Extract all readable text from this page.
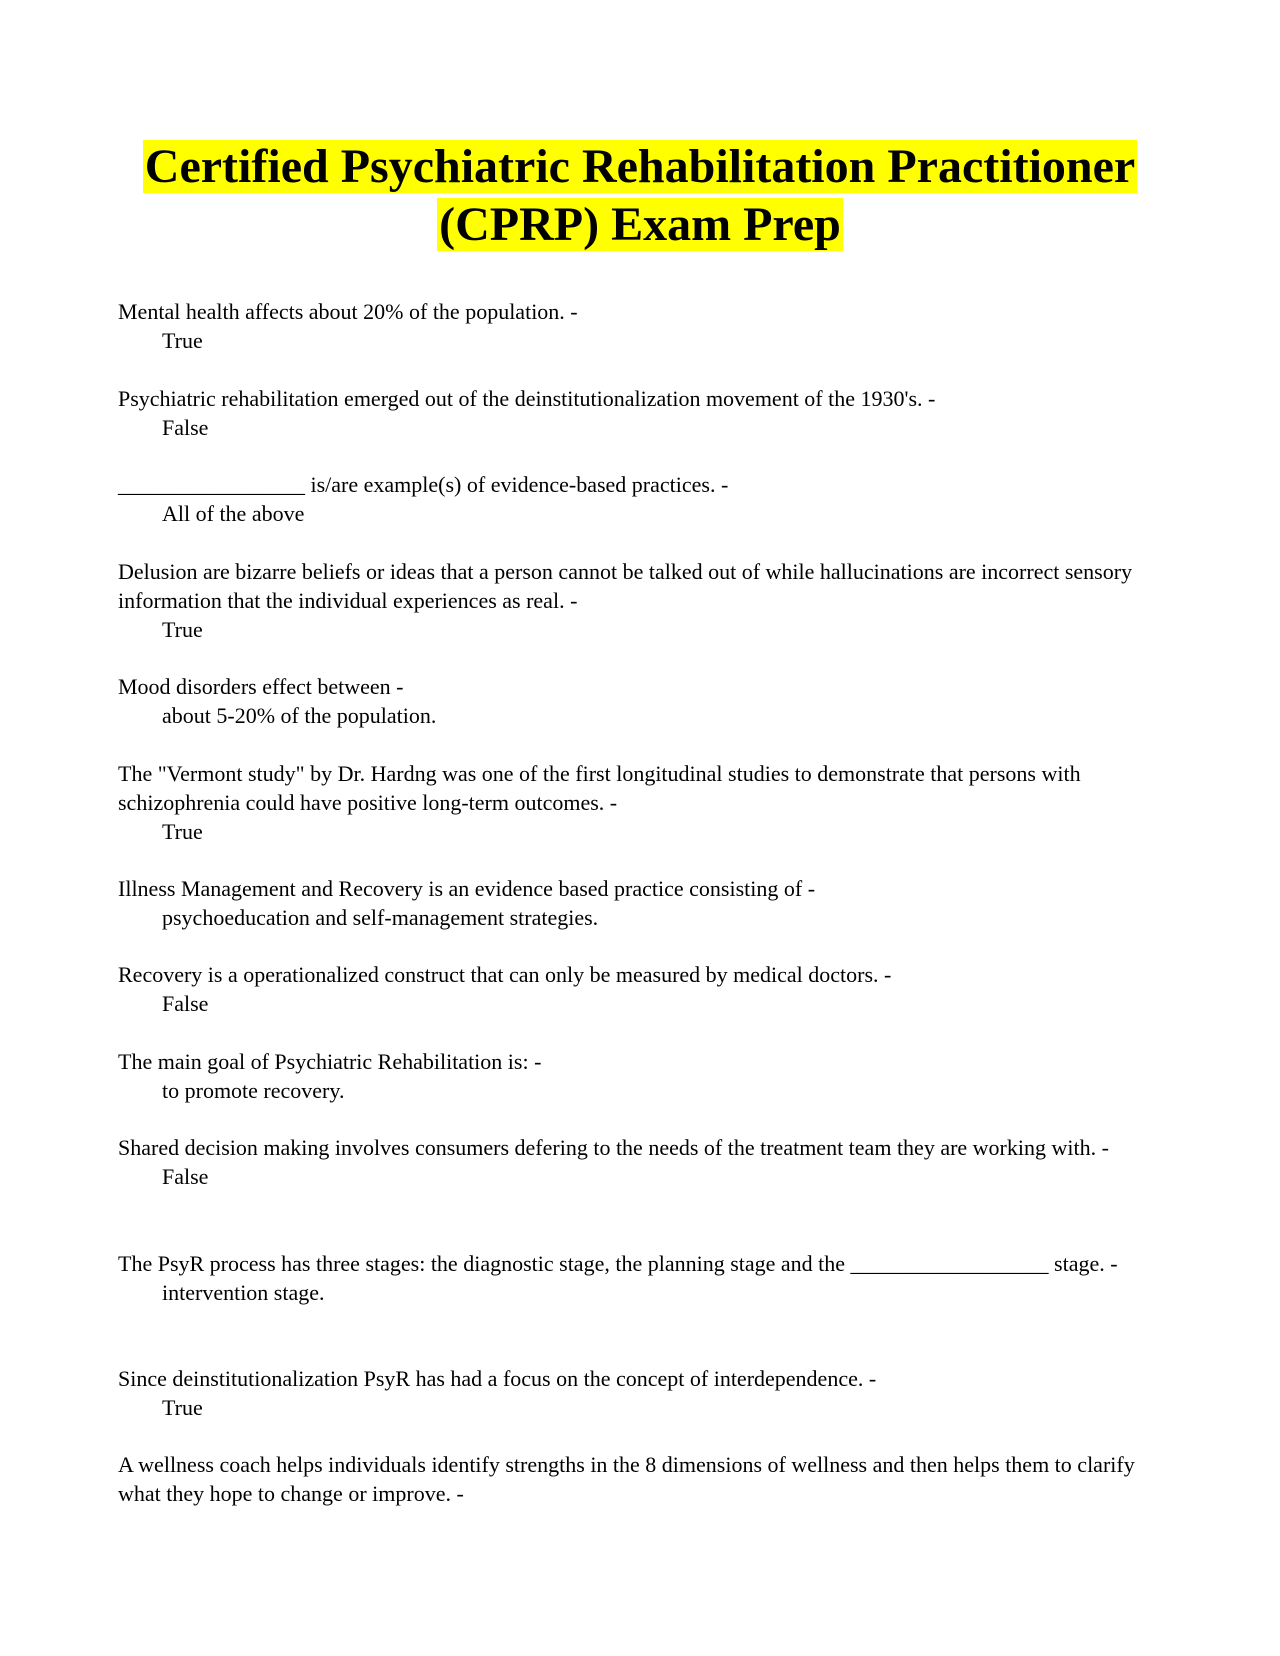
Certified Psychiatric Rehabilitation Practitioner
(CPRP) Exam Prep

Mental health affects about 20% of the population. -

True

Psychiatric rehabilitation emerged out of the deinstitutionalization movement of the 1930's. -

False

_________________ is/are example(s) of evidence-based practices. -

All of the above

Delusion are bizarre beliefs or ideas that a person cannot be talked out of while hallucinations are incorrect sensory information that the individual experiences as real. -

True

Mood disorders effect between -

about 5-20% of the population.

The "Vermont study" by Dr. Hardng was one of the first longitudinal studies to demonstrate that persons with schizophrenia could have positive long-term outcomes. -

True

Illness Management and Recovery is an evidence based practice consisting of -

psychoeducation and self-management strategies.

Recovery is a operationalized construct that can only be measured by medical doctors. -

False

The main goal of Psychiatric Rehabilitation is: -

to promote recovery.

Shared decision making involves consumers defering to the needs of the treatment team they are working with. -

False

The PsyR process has three stages: the diagnostic stage, the planning stage and the __________________ stage. -

intervention stage.

Since deinstitutionalization PsyR has had a focus on the concept of interdependence. -

True

A wellness coach helps individuals identify strengths in the 8 dimensions of wellness and then helps them to clarify what they hope to change or improve. -
